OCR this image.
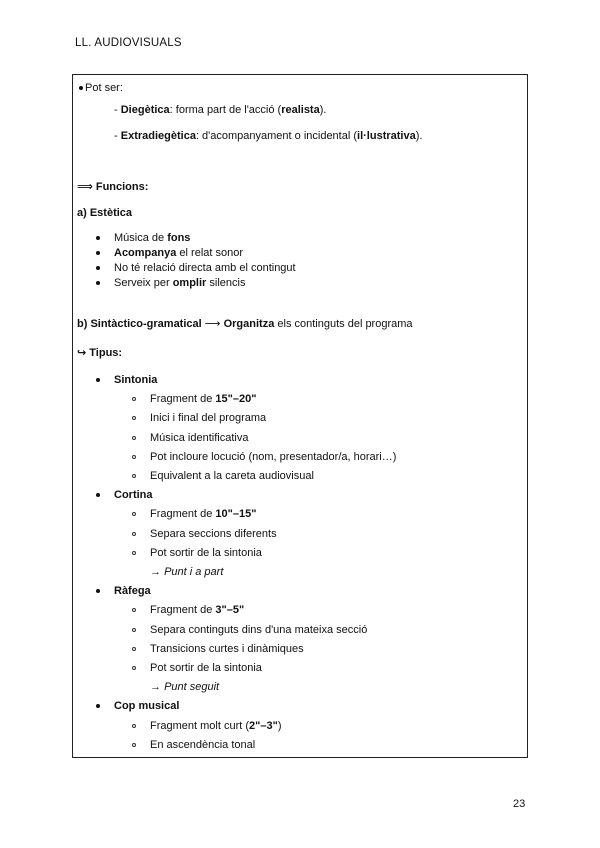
LL. AUDIOVISUALS
Pot ser:
- Diegètica: forma part de l'acció (realista).
- Extradiegètica: d'acompanyament o incidental (il·lustrativa).
⟹ Funcions:
a) Estètica
Música de fons
Acompanya el relat sonor
No té relació directa amb el contingut
Serveix per omplir silencis
b) Sintàctico-gramatical ⟶ Organitza els continguts del programa
↪ Tipus:
Sintonia
Fragment de 15"–20"
Inici i final del programa
Música identificativa
Pot incloure locució (nom, presentador/a, horari…)
Equivalent a la careta audiovisual
Cortina
Fragment de 10"–15"
Separa seccions diferents
Pot sortir de la sintonia
→ Punt i a part
Ràfega
Fragment de 3"–5"
Separa continguts dins d'una mateixa secció
Transicions curtes i dinàmiques
Pot sortir de la sintonia
→ Punt seguit
Cop musical
Fragment molt curt (2"–3")
En ascendència tonal
23
